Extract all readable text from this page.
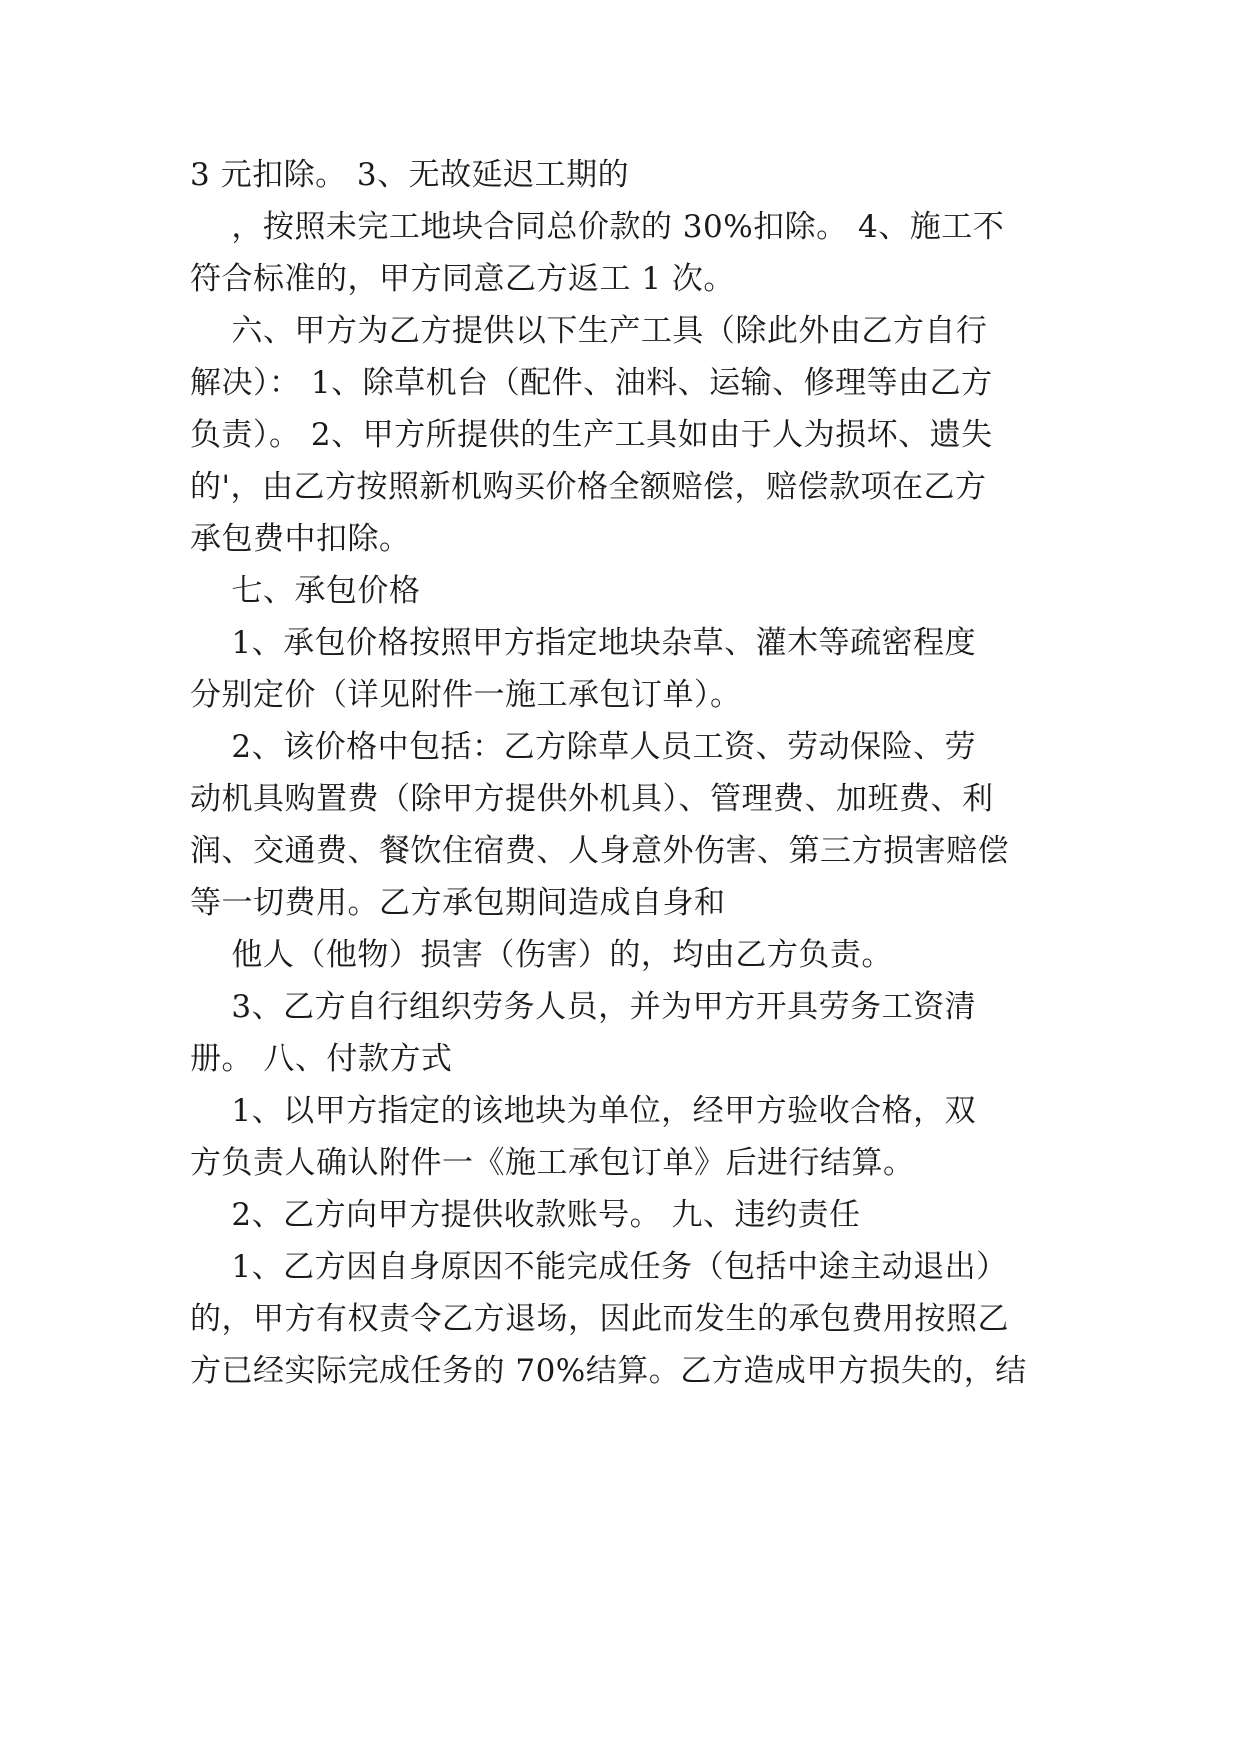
3 元扣除。 3、无故延迟工期的
，按照未完工地块合同总价款的 30%扣除。 4、施工不
符合标准的，甲方同意乙方返工 1 次。
六、甲方为乙方提供以下生产工具（除此外由乙方自行
解决）： 1、除草机台（配件、油料、运输、修理等由乙方
负责）。 2、甲方所提供的生产工具如由于人为损坏、遗失
的'，由乙方按照新机购买价格全额赔偿，赔偿款项在乙方
承包费中扣除。
七、承包价格
1、承包价格按照甲方指定地块杂草、灌木等疏密程度
分别定价（详见附件一施工承包订单）。
2、该价格中包括：乙方除草人员工资、劳动保险、劳
动机具购置费（除甲方提供外机具）、管理费、加班费、利
润、交通费、餐饮住宿费、人身意外伤害、第三方损害赔偿
等一切费用。乙方承包期间造成自身和
他人（他物）损害（伤害）的，均由乙方负责。
3、乙方自行组织劳务人员，并为甲方开具劳务工资清
册。 八、付款方式
1、以甲方指定的该地块为单位，经甲方验收合格，双
方负责人确认附件一《施工承包订单》后进行结算。
2、乙方向甲方提供收款账号。 九、违约责任
1、乙方因自身原因不能完成任务（包括中途主动退出）
的，甲方有权责令乙方退场，因此而发生的承包费用按照乙
方已经实际完成任务的 70%结算。乙方造成甲方损失的，结
